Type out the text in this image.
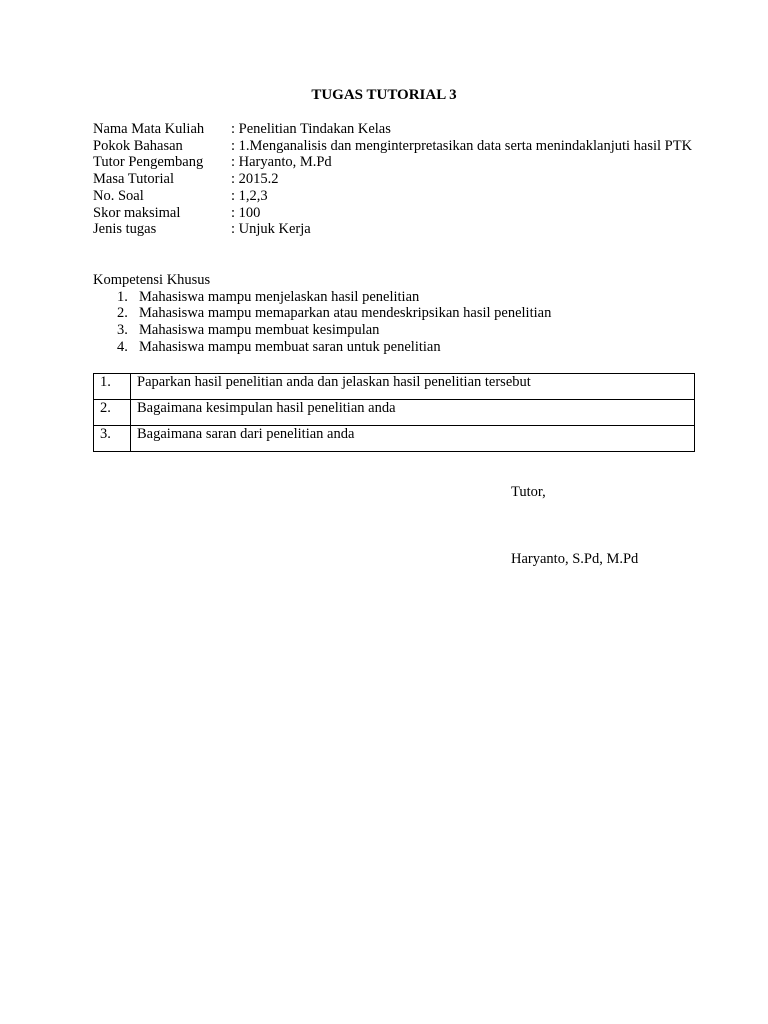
TUGAS TUTORIAL 3
Nama Mata Kuliah	: Penelitian Tindakan Kelas
Pokok Bahasan	: 1.Menganalisis dan menginterpretasikan data serta menindaklanjuti hasil PTK
Tutor Pengembang	: Haryanto, M.Pd
Masa Tutorial	: 2015.2
No. Soal	: 1,2,3
Skor maksimal	: 100
Jenis tugas	: Unjuk Kerja
Kompetensi Khusus
1. Mahasiswa mampu menjelaskan hasil penelitian
2. Mahasiswa mampu memaparkan atau mendeskripsikan hasil penelitian
3. Mahasiswa mampu membuat kesimpulan
4. Mahasiswa mampu membuat saran untuk penelitian
1.	Paparkan hasil penelitian anda dan jelaskan hasil penelitian tersebut
2.	Bagaimana kesimpulan hasil penelitian anda
3.	Bagaimana saran dari penelitian anda
Tutor,
Haryanto, S.Pd, M.Pd
